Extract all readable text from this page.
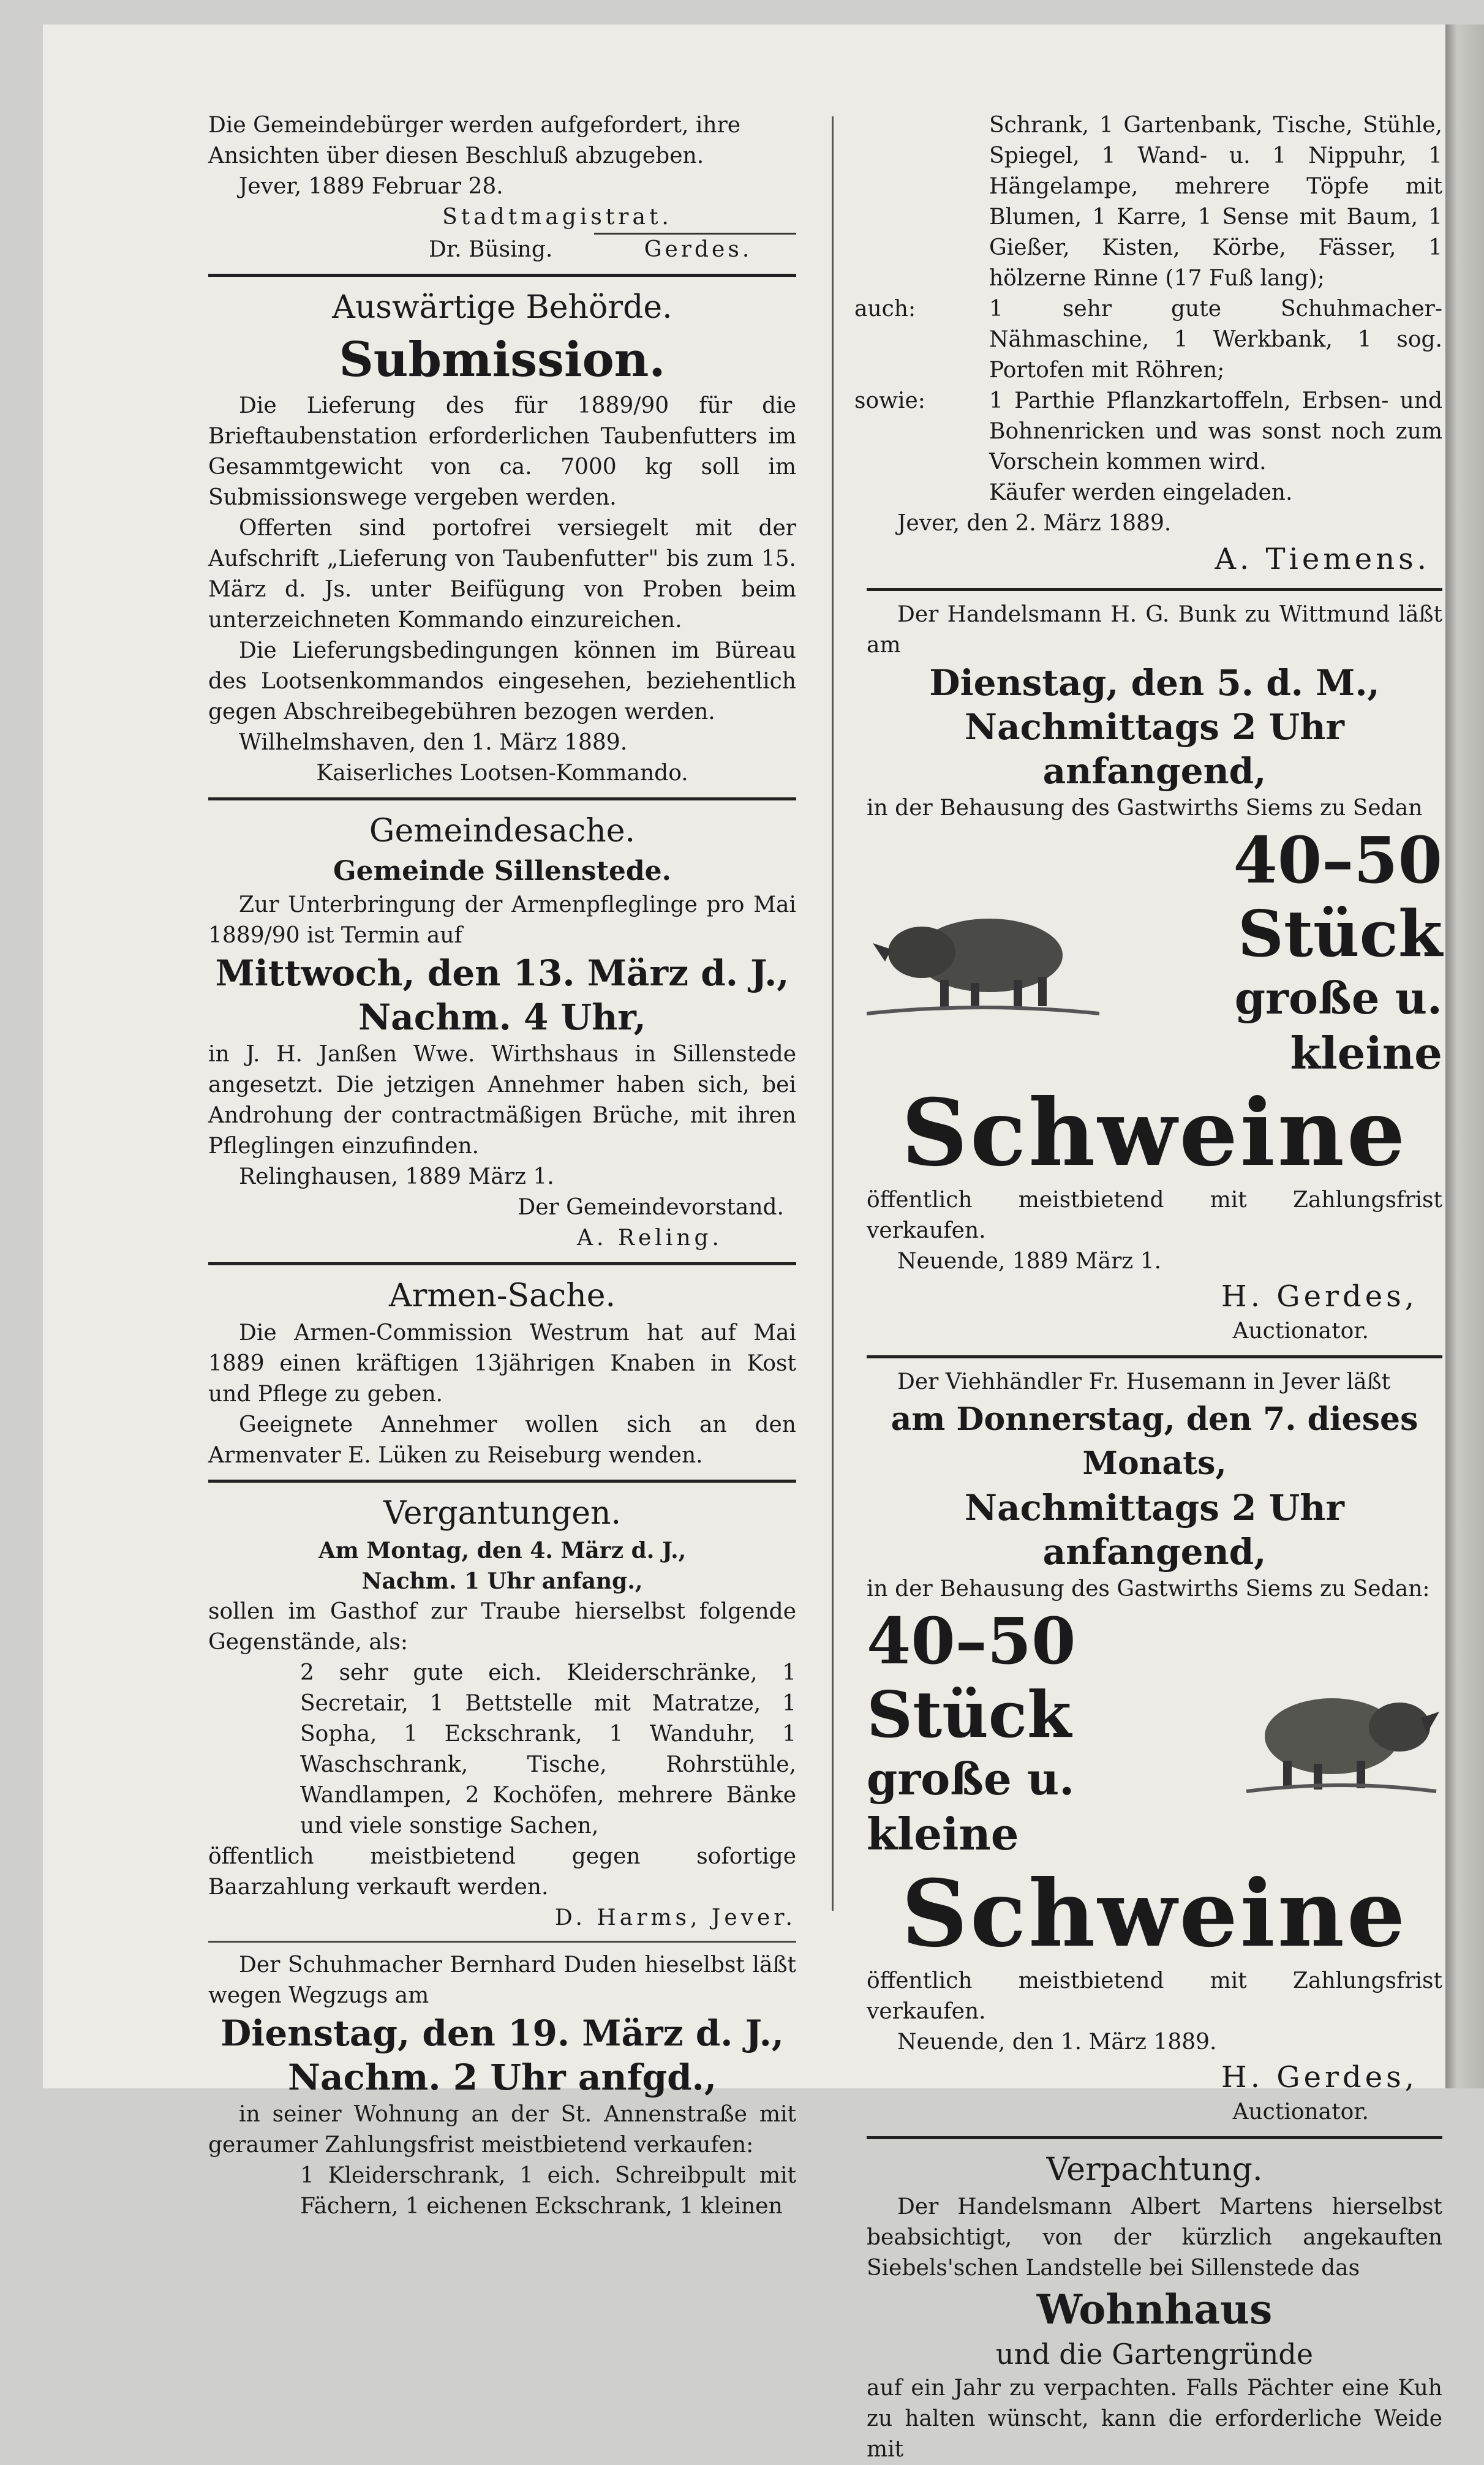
Die Gemeindebürger werden aufgefordert, ihre

Ansichten über diesen Beschluß abzugeben.

Jever, 1889 Februar 28.

Stadtmagistrat.

Dr. Büsing.	Gerdes.
Auswärtige Behörde.
Submission.

Die Lieferung des für 1889/90 für die Brieftaubenstation erforderlichen Taubenfutters im Gesammtgewicht von ca. 7000 kg soll im Submissionswege vergeben werden.

Offerten sind portofrei versiegelt mit der Aufschrift „Lieferung von Taubenfutter" bis zum 15. März d. Js. unter Beifügung von Proben beim unterzeichneten Kommando einzureichen.

Die Lieferungsbedingungen können im Büreau des Lootsenkommandos eingesehen, beziehentlich gegen Abschreibegebühren bezogen werden.

Wilhelmshaven, den 1. März 1889.

Kaiserliches Lootsen-Kommando.

Gemeindesache.
Gemeinde Sillenstede.

Zur Unterbringung der Armenpfleglinge pro Mai 1889/90 ist Termin auf

Mittwoch, den 13. März d. J.,
Nachm. 4 Uhr,

in J. H. Janßen Wwe. Wirthshaus in Sillenstede angesetzt. Die jetzigen Annehmer haben sich, bei Androhung der contractmäßigen Brüche, mit ihren Pfleglingen einzufinden.

Relinghausen, 1889 März 1.

Der Gemeindevorstand.

A. Reling.

Armen-Sache.

Die Armen-Commission Westrum hat auf Mai 1889 einen kräftigen 13jährigen Knaben in Kost und Pflege zu geben.

Geeignete Annehmer wollen sich an den Armenvater E. Lüken zu Reiseburg wenden.

Vergantungen.

Am Montag, den 4. März d. J.,

Nachm. 1 Uhr anfang.,

sollen im Gasthof zur Traube hierselbst folgende Gegenstände, als:

2 sehr gute eich. Kleiderschränke, 1 Secretair, 1 Bettstelle mit Matratze, 1 Sopha, 1 Eckschrank, 1 Wanduhr, 1 Waschschrank, Tische, Rohrstühle, Wandlampen, 2 Kochöfen, mehrere Bänke und viele sonstige Sachen,

öffentlich meistbietend gegen sofortige Baarzahlung verkauft werden.

D. Harms, Jever.

Der Schuhmacher Bernhard Duden hieselbst läßt wegen Wegzugs am

Dienstag, den 19. März d. J.,
Nachm. 2 Uhr anfgd.,

in seiner Wohnung an der St. Annenstraße mit geraumer Zahlungsfrist meistbietend verkaufen:

1 Kleiderschrank, 1 eich. Schreibpult mit Fächern, 1 eichenen Eckschrank, 1 kleinen

Schrank, 1 Gartenbank, Tische, Stühle, Spiegel, 1 Wand- u. 1 Nippuhr, 1 Hängelampe, mehrere Töpfe mit Blumen, 1 Karre, 1 Sense mit Baum, 1 Gießer, Kisten, Körbe, Fässer, 1 hölzerne Rinne (17 Fuß lang);

auch:	1 sehr gute Schuhmacher-Nähmaschine, 1 Werkbank, 1 sog. Portofen mit Röhren;

sowie:	1 Parthie Pflanzkartoffeln, Erbsen- und Bohnenricken und was sonst noch zum Vorschein kommen wird.

Käufer werden eingeladen.

Jever, den 2. März 1889.

A. Tiemens.

Der Handelsmann H. G. Bunk zu Wittmund läßt am

Dienstag, den 5. d. M.,
Nachmittags 2 Uhr anfangend,

in der Behausung des Gastwirths Siems zu Sedan

40–50 Stück
große u. kleine
Schweine

öffentlich meistbietend mit Zahlungsfrist verkaufen.

Neuende, 1889 März 1.

H. Gerdes,

Auctionator.

Der Viehhändler Fr. Husemann in Jever läßt

am Donnerstag, den 7. dieses Monats,
Nachmittags 2 Uhr anfangend,

in der Behausung des Gastwirths Siems zu Sedan:

40–50 Stück
große u. kleine
Schweine

öffentlich meistbietend mit Zahlungsfrist verkaufen.

Neuende, den 1. März 1889.

H. Gerdes,

Auctionator.

Verpachtung.

Der Handelsmann Albert Martens hierselbst beabsichtigt, von der kürzlich angekauften Siebels'schen Landstelle bei Sillenstede das

Wohnhaus
und die Gartengründe

auf ein Jahr zu verpachten. Falls Pächter eine Kuh zu halten wünscht, kann die erforderliche Weide mit
